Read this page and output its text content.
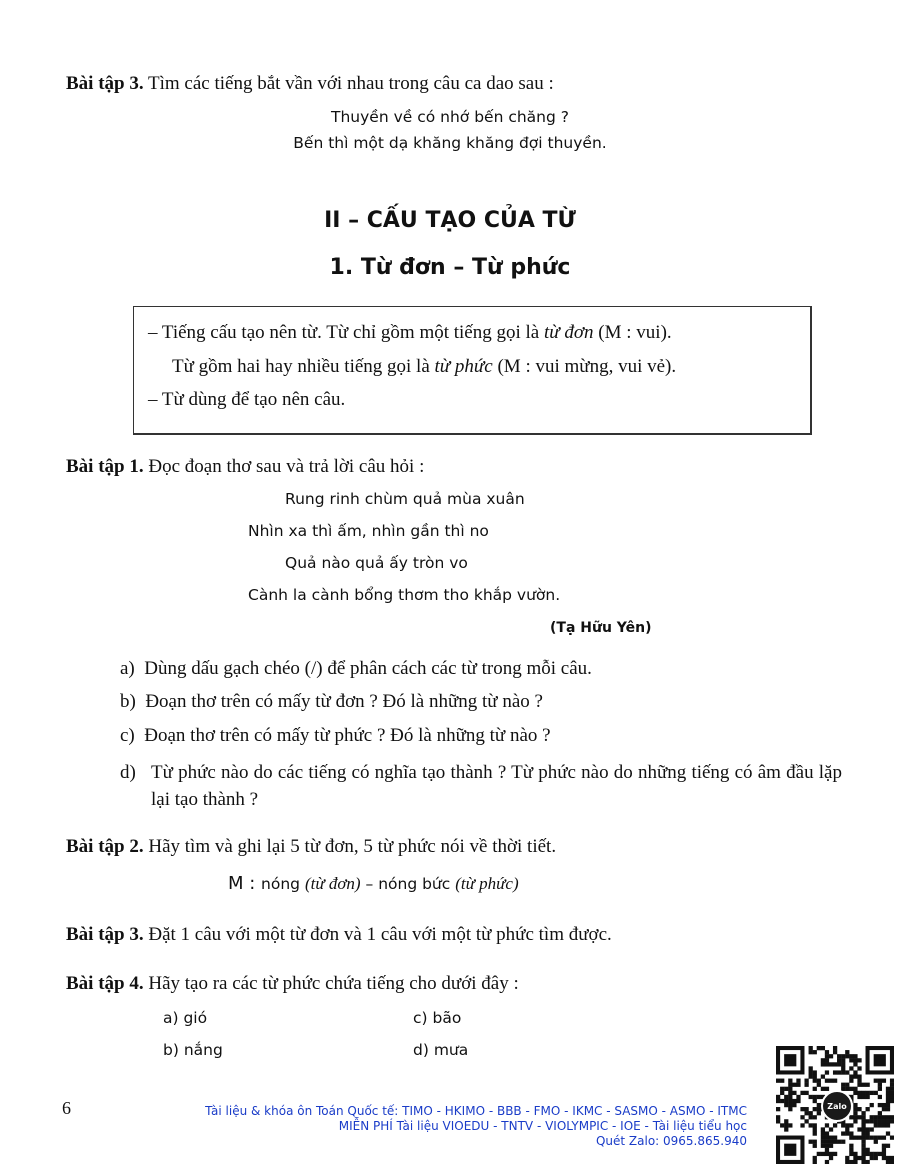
Bài tập 3. Tìm các tiếng bắt vần với nhau trong câu ca dao sau :
Thuyền về có nhớ bến chăng ?
Bến thì một dạ khăng khăng đợi thuyền.
II – CẤU TẠO CỦA TỪ
1. Từ đơn – Từ phức
– Tiếng cấu tạo nên từ. Từ chỉ gồm một tiếng gọi là từ đơn (M : vui).
Từ gồm hai hay nhiều tiếng gọi là từ phức (M : vui mừng, vui vẻ).
– Từ dùng để tạo nên câu.
Bài tập 1. Đọc đoạn thơ sau và trả lời câu hỏi :
Rung rinh chùm quả mùa xuân
Nhìn xa thì ấm, nhìn gần thì no
Quả nào quả ấy tròn vo
Cành la cành bổng thơm tho khắp vườn.
(Tạ Hữu Yên)
a) Dùng dấu gạch chéo (/) để phân cách các từ trong mỗi câu.
b) Đoạn thơ trên có mấy từ đơn ? Đó là những từ nào ?
c) Đoạn thơ trên có mấy từ phức ? Đó là những từ nào ?
d) Từ phức nào do các tiếng có nghĩa tạo thành ? Từ phức nào do những tiếng có âm đầu lặp lại tạo thành ?
Bài tập 2. Hãy tìm và ghi lại 5 từ đơn, 5 từ phức nói về thời tiết.
M : nóng (từ đơn) – nóng bức (từ phức)
Bài tập 3. Đặt 1 câu với một từ đơn và 1 câu với một từ phức tìm được.
Bài tập 4. Hãy tạo ra các từ phức chứa tiếng cho dưới đây :
a) gió	c) bão
b) nắng	d) mưa
6	Tài liệu & khóa ôn Toán Quốc tế: TIMO - HKIMO - BBB - FMO - IKMC - SASMO - ASMO - ITMC
MIỄN PHÍ Tài liệu VIOEDU - TNTV - VIOLYMPIC - IOE - Tài liệu tiểu học
Quét Zalo: 0965.865.940
Zalo
